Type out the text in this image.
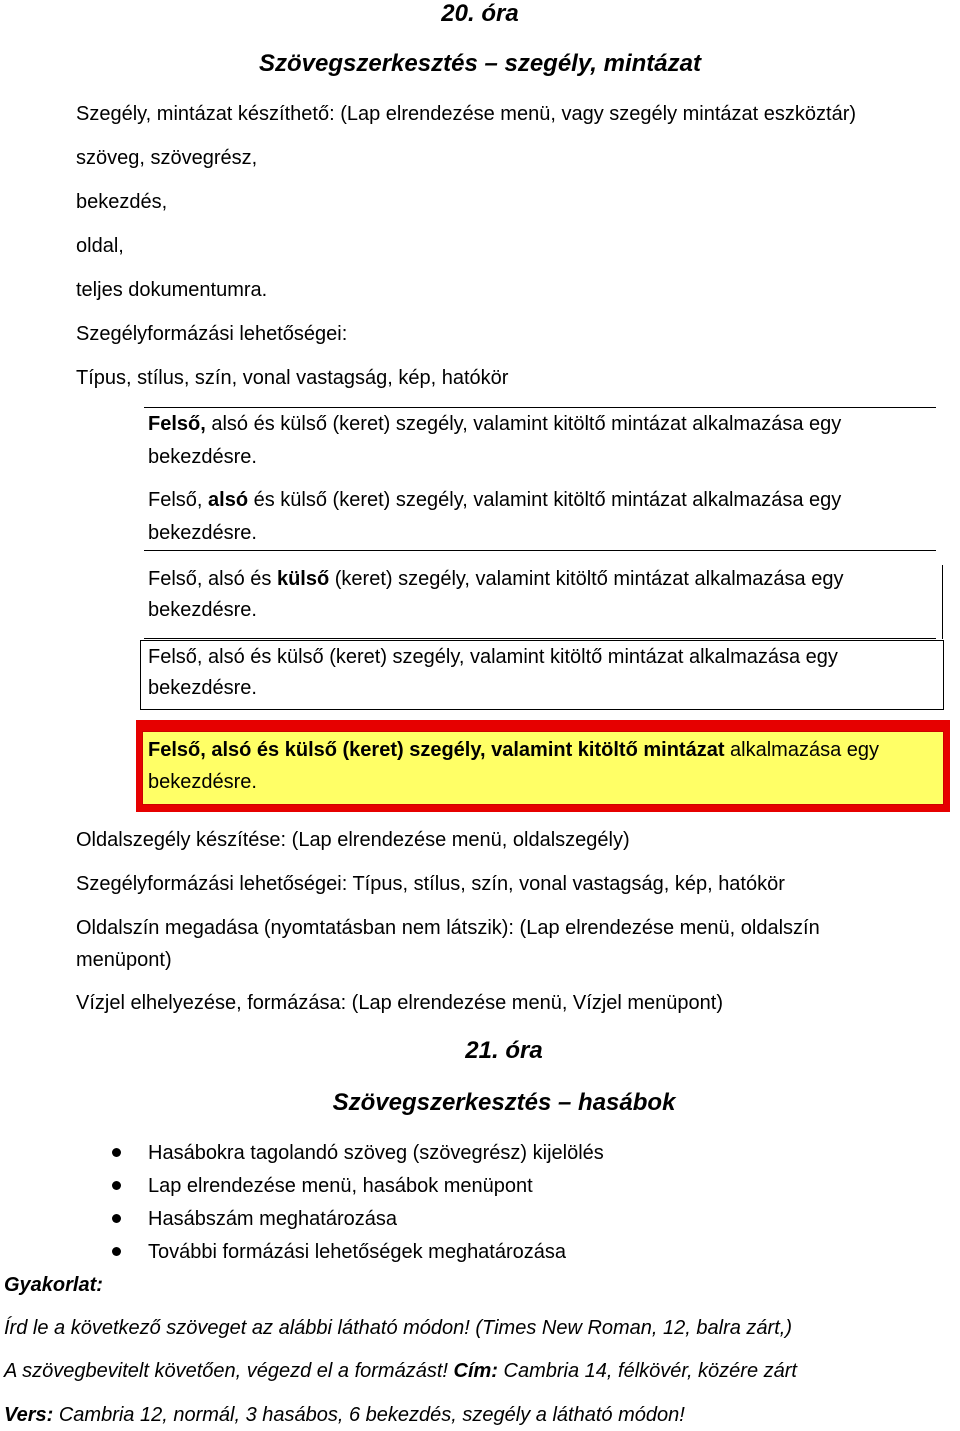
20. óra
Szövegszerkesztés – szegély, mintázat
Szegély, mintázat készíthető: (Lap elrendezése menü, vagy szegély mintázat eszköztár)
szöveg, szövegrész,
bekezdés,
oldal,
teljes dokumentumra.
Szegélyformázási lehetőségei:
Típus, stílus, szín, vonal vastagság, kép, hatókör
Felső, alsó és külső (keret) szegély, valamint kitöltő mintázat alkalmazása egy
bekezdésre.
Felső, alsó és külső (keret) szegély, valamint kitöltő mintázat alkalmazása egy
bekezdésre.
Felső, alsó és külső (keret) szegély, valamint kitöltő mintázat alkalmazása egy
bekezdésre.
Felső, alsó és külső (keret) szegély, valamint kitöltő mintázat alkalmazása egy
bekezdésre.
Felső, alsó és külső (keret) szegély, valamint kitöltő mintázat alkalmazása egy
bekezdésre.
Oldalszegély készítése: (Lap elrendezése menü, oldalszegély)
Szegélyformázási lehetőségei: Típus, stílus, szín, vonal vastagság, kép, hatókör
Oldalszín megadása (nyomtatásban nem látszik): (Lap elrendezése menü, oldalszín
menüpont)
Vízjel elhelyezése, formázása: (Lap elrendezése menü, Vízjel menüpont)
21. óra
Szövegszerkesztés – hasábok
Hasábokra tagolandó szöveg (szövegrész) kijelölés
Lap elrendezése menü, hasábok menüpont
Hasábszám meghatározása
További formázási lehetőségek meghatározása
Gyakorlat:
Írd le a következő szöveget az alábbi látható módon! (Times New Roman, 12, balra zárt,)
A szövegbevitelt követően, végezd el a formázást! Cím: Cambria 14, félkövér, közére zárt
Vers: Cambria 12, normál, 3 hasábos, 6 bekezdés, szegély a látható módon!
